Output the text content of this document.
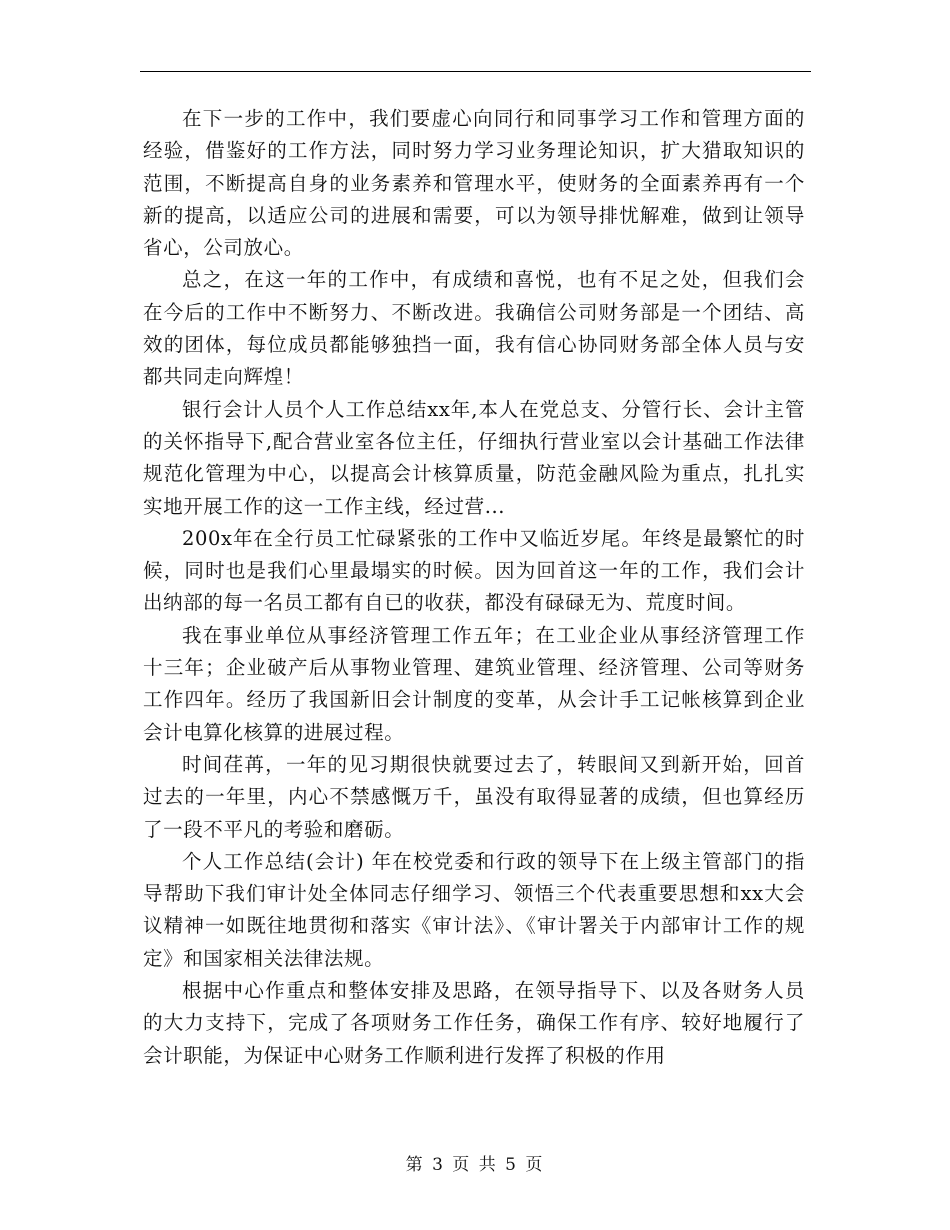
在下一步的工作中，我们要虚心向同行和同事学习工作和管理方面的经验，借鉴好的工作方法，同时努力学习业务理论知识，扩大猎取知识的范围，不断提高自身的业务素养和管理水平，使财务的全面素养再有一个新的提高，以适应公司的进展和需要，可以为领导排忧解难，做到让领导省心，公司放心。

总之，在这一年的工作中，有成绩和喜悦，也有不足之处，但我们会在今后的工作中不断努力、不断改进。我确信公司财务部是一个团结、高效的团体，每位成员都能够独挡一面，我有信心协同财务部全体人员与安都共同走向辉煌！

银行会计人员个人工作总结xx年,本人在党总支、分管行长、会计主管的关怀指导下,配合营业室各位主任，仔细执行营业室以会计基础工作法律规范化管理为中心，以提高会计核算质量，防范金融风险为重点，扎扎实实地开展工作的这一工作主线，经过营...

200x年在全行员工忙碌紧张的工作中又临近岁尾。年终是最繁忙的时候，同时也是我们心里最塌实的时候。因为回首这一年的工作，我们会计出纳部的每一名员工都有自已的收获，都没有碌碌无为、荒度时间。

我在事业单位从事经济管理工作五年；在工业企业从事经济管理工作十三年；企业破产后从事物业管理、建筑业管理、经济管理、公司等财务工作四年。经历了我国新旧会计制度的变革，从会计手工记帐核算到企业会计电算化核算的进展过程。

时间荏苒，一年的见习期很快就要过去了，转眼间又到新开始，回首过去的一年里，内心不禁感慨万千，虽没有取得显著的成绩，但也算经历了一段不平凡的考验和磨砺。

个人工作总结(会计) 年在校党委和行政的领导下在上级主管部门的指导帮助下我们审计处全体同志仔细学习、领悟三个代表重要思想和xx大会议精神一如既往地贯彻和落实《审计法》、《审计署关于内部审计工作的规定》和国家相关法律法规。

根据中心作重点和整体安排及思路，在领导指导下、以及各财务人员的大力支持下，完成了各项财务工作任务，确保工作有序、较好地履行了会计职能，为保证中心财务工作顺利进行发挥了积极的作用

第 3 页 共 5 页
